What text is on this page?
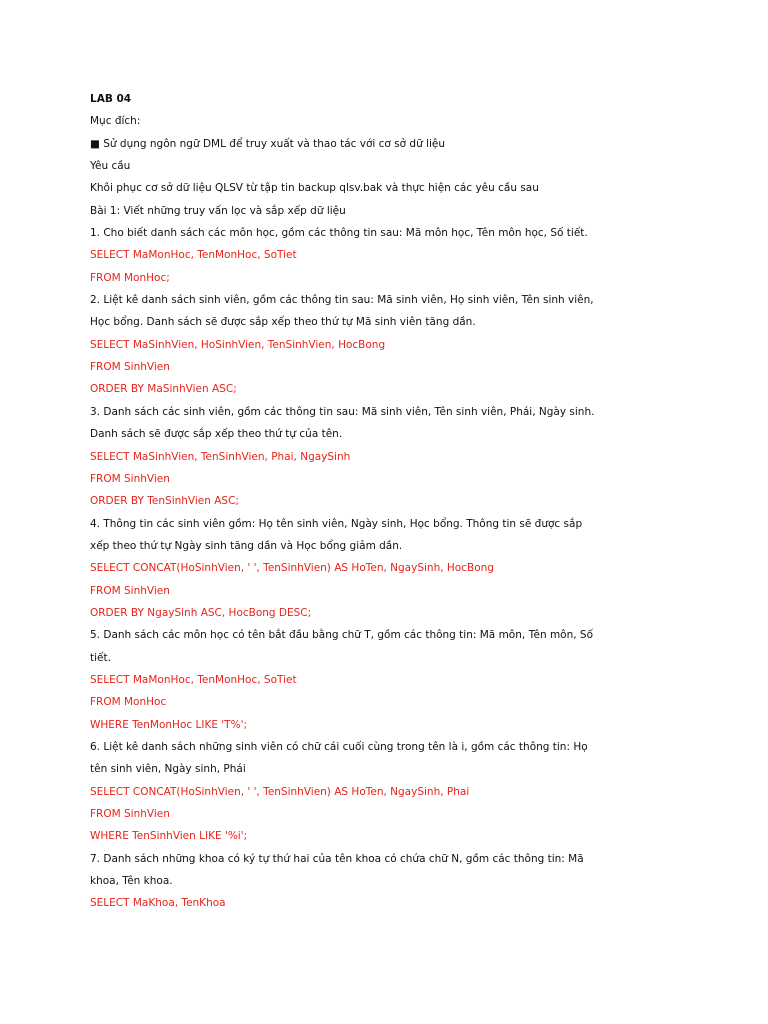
LAB 04
Mục đích:
■ Sử dụng ngôn ngữ DML để truy xuất và thao tác với cơ sở dữ liệu
Yêu cầu
Khôi phục cơ sở dữ liệu QLSV từ tập tin backup qlsv.bak và thực hiện các yêu cầu sau
Bài 1: Viết những truy vấn lọc và sắp xếp dữ liệu
1. Cho biết danh sách các môn học, gồm các thông tin sau: Mã môn học, Tên môn học, Số tiết.
SELECT MaMonHoc, TenMonHoc, SoTiet
FROM MonHoc;
2. Liệt kê danh sách sinh viên, gồm các thông tin sau: Mã sinh viên, Họ sinh viên, Tên sinh viên,
Học bổng. Danh sách sẽ được sắp xếp theo thứ tự Mã sinh viên tăng dần.
SELECT MaSinhVien, HoSinhVien, TenSinhVien, HocBong
FROM SinhVien
ORDER BY MaSinhVien ASC;
3. Danh sách các sinh viên, gồm các thông tin sau: Mã sinh viên, Tên sinh viên, Phái, Ngày sinh.
Danh sách sẽ được sắp xếp theo thứ tự của tên.
SELECT MaSinhVien, TenSinhVien, Phai, NgaySinh
FROM SinhVien
ORDER BY TenSinhVien ASC;
4. Thông tin các sinh viên gồm: Họ tên sinh viên, Ngày sinh, Học bổng. Thông tin sẽ được sắp
xếp theo thứ tự Ngày sinh tăng dần và Học bổng giảm dần.
SELECT CONCAT(HoSinhVien, ' ', TenSinhVien) AS HoTen, NgaySinh, HocBong
FROM SinhVien
ORDER BY NgaySinh ASC, HocBong DESC;
5. Danh sách các môn học có tên bắt đầu bằng chữ T, gồm các thông tin: Mã môn, Tên môn, Số
tiết.
SELECT MaMonHoc, TenMonHoc, SoTiet
FROM MonHoc
WHERE TenMonHoc LIKE 'T%';
6. Liệt kê danh sách những sinh viên có chữ cái cuối cùng trong tên là i, gồm các thông tin: Họ
tên sinh viên, Ngày sinh, Phái
SELECT CONCAT(HoSinhVien, ' ', TenSinhVien) AS HoTen, NgaySinh, Phai
FROM SinhVien
WHERE TenSinhVien LIKE '%i';
7. Danh sách những khoa có ký tự thứ hai của tên khoa có chứa chữ N, gồm các thông tin: Mã
khoa, Tên khoa.
SELECT MaKhoa, TenKhoa
